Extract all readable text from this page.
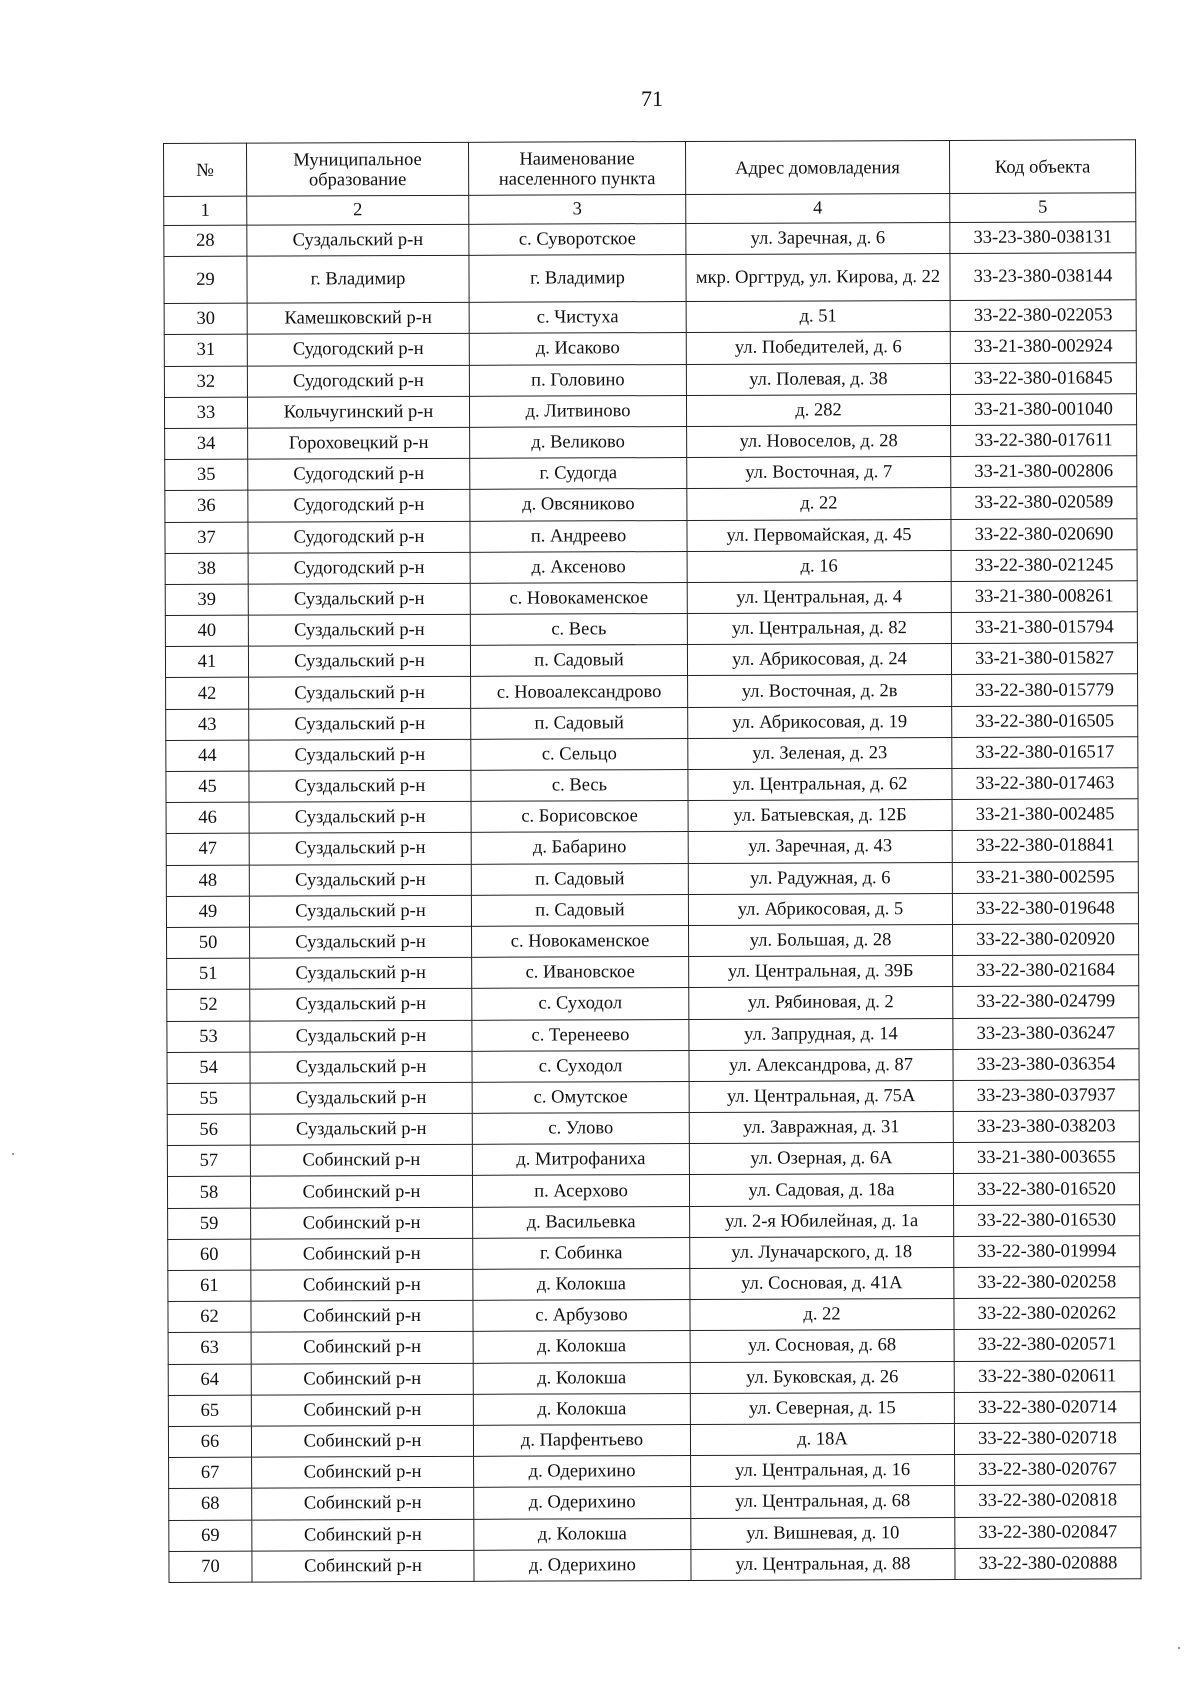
71
№	Муниципальное образование	Наименование населенного пункта	Адрес домовладения	Код объекта
1	2	3	4	5
28	Суздальский р-н	с. Суворотское	ул. Заречная, д. 6	33-23-380-038131
29	г. Владимир	г. Владимир	мкр. Оргтруд, ул. Кирова, д. 22	33-23-380-038144
30	Камешковский р-н	с. Чистуха	д. 51	33-22-380-022053
31	Судогодский р-н	д. Исаково	ул. Победителей, д. 6	33-21-380-002924
32	Судогодский р-н	п. Головино	ул. Полевая, д. 38	33-22-380-016845
33	Кольчугинский р-н	д. Литвиново	д. 282	33-21-380-001040
34	Гороховецкий р-н	д. Великово	ул. Новоселов, д. 28	33-22-380-017611
35	Судогодский р-н	г. Судогда	ул. Восточная, д. 7	33-21-380-002806
36	Судогодский р-н	д. Овсяниково	д. 22	33-22-380-020589
37	Судогодский р-н	п. Андреево	ул. Первомайская, д. 45	33-22-380-020690
38	Судогодский р-н	д. Аксеново	д. 16	33-22-380-021245
39	Суздальский р-н	с. Новокаменское	ул. Центральная, д. 4	33-21-380-008261
40	Суздальский р-н	с. Весь	ул. Центральная, д. 82	33-21-380-015794
41	Суздальский р-н	п. Садовый	ул. Абрикосовая, д. 24	33-21-380-015827
42	Суздальский р-н	с. Новоалександрово	ул. Восточная, д. 2в	33-22-380-015779
43	Суздальский р-н	п. Садовый	ул. Абрикосовая, д. 19	33-22-380-016505
44	Суздальский р-н	с. Сельцо	ул. Зеленая, д. 23	33-22-380-016517
45	Суздальский р-н	с. Весь	ул. Центральная, д. 62	33-22-380-017463
46	Суздальский р-н	с. Борисовское	ул. Батыевская, д. 12Б	33-21-380-002485
47	Суздальский р-н	д. Бабарино	ул. Заречная, д. 43	33-22-380-018841
48	Суздальский р-н	п. Садовый	ул. Радужная, д. 6	33-21-380-002595
49	Суздальский р-н	п. Садовый	ул. Абрикосовая, д. 5	33-22-380-019648
50	Суздальский р-н	с. Новокаменское	ул. Большая, д. 28	33-22-380-020920
51	Суздальский р-н	с. Ивановское	ул. Центральная, д. 39Б	33-22-380-021684
52	Суздальский р-н	с. Суходол	ул. Рябиновая, д. 2	33-22-380-024799
53	Суздальский р-н	с. Теренеево	ул. Запрудная, д. 14	33-23-380-036247
54	Суздальский р-н	с. Суходол	ул. Александрова, д. 87	33-23-380-036354
55	Суздальский р-н	с. Омутское	ул. Центральная, д. 75А	33-23-380-037937
56	Суздальский р-н	с. Улово	ул. Завражная, д. 31	33-23-380-038203
57	Собинский р-н	д. Митрофаниха	ул. Озерная, д. 6А	33-21-380-003655
58	Собинский р-н	п. Асерхово	ул. Садовая, д. 18а	33-22-380-016520
59	Собинский р-н	д. Васильевка	ул. 2-я Юбилейная, д. 1а	33-22-380-016530
60	Собинский р-н	г. Собинка	ул. Луначарского, д. 18	33-22-380-019994
61	Собинский р-н	д. Колокша	ул. Сосновая, д. 41А	33-22-380-020258
62	Собинский р-н	с. Арбузово	д. 22	33-22-380-020262
63	Собинский р-н	д. Колокша	ул. Сосновая, д. 68	33-22-380-020571
64	Собинский р-н	д. Колокша	ул. Буковская, д. 26	33-22-380-020611
65	Собинский р-н	д. Колокша	ул. Северная, д. 15	33-22-380-020714
66	Собинский р-н	д. Парфентьево	д. 18А	33-22-380-020718
67	Собинский р-н	д. Одерихино	ул. Центральная, д. 16	33-22-380-020767
68	Собинский р-н	д. Одерихино	ул. Центральная, д. 68	33-22-380-020818
69	Собинский р-н	д. Колокша	ул. Вишневая, д. 10	33-22-380-020847
70	Собинский р-н	д. Одерихино	ул. Центральная, д. 88	33-22-380-020888
